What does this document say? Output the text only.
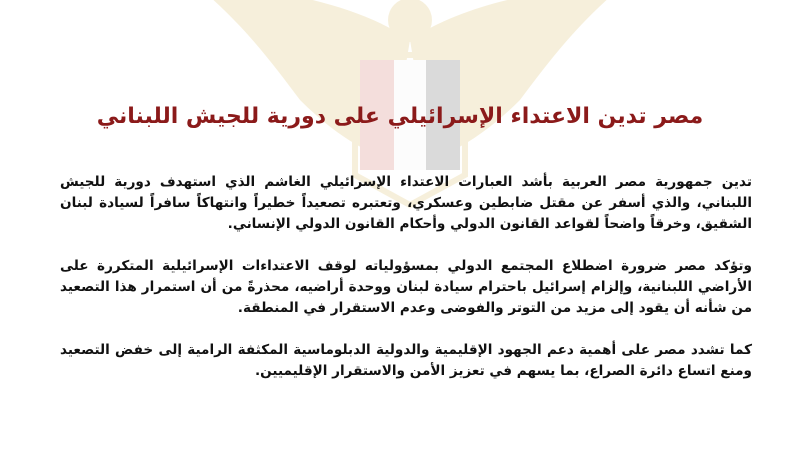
مصر تدين الاعتداء الإسرائيلي على دورية للجيش اللبناني

تدين جمهورية مصر العربية بأشد العبارات الاعتداء الإسرائيلي الغاشم الذي استهدف دورية للجيش اللبناني، والذي أسفر عن مقتل ضابطين وعسكري، وتعتبره تصعيداً خطيراً وانتهاكاً سافراً لسيادة لبنان الشقيق، وخرقاً واضحاً لقواعد القانون الدولي وأحكام القانون الدولي الإنساني.

وتؤكد مصر ضرورة اضطلاع المجتمع الدولي بمسؤولياته لوقف الاعتداءات الإسرائيلية المتكررة على الأراضي اللبنانية، وإلزام إسرائيل باحترام سيادة لبنان ووحدة أراضيه، محذرةً من أن استمرار هذا التصعيد من شأنه أن يقود إلى مزيد من التوتر والفوضى وعدم الاستقرار في المنطقة.

كما تشدد مصر على أهمية دعم الجهود الإقليمية والدولية الدبلوماسية المكثفة الرامية إلى خفض التصعيد ومنع اتساع دائرة الصراع، بما يسهم في تعزيز الأمن والاستقرار الإقليميين.
